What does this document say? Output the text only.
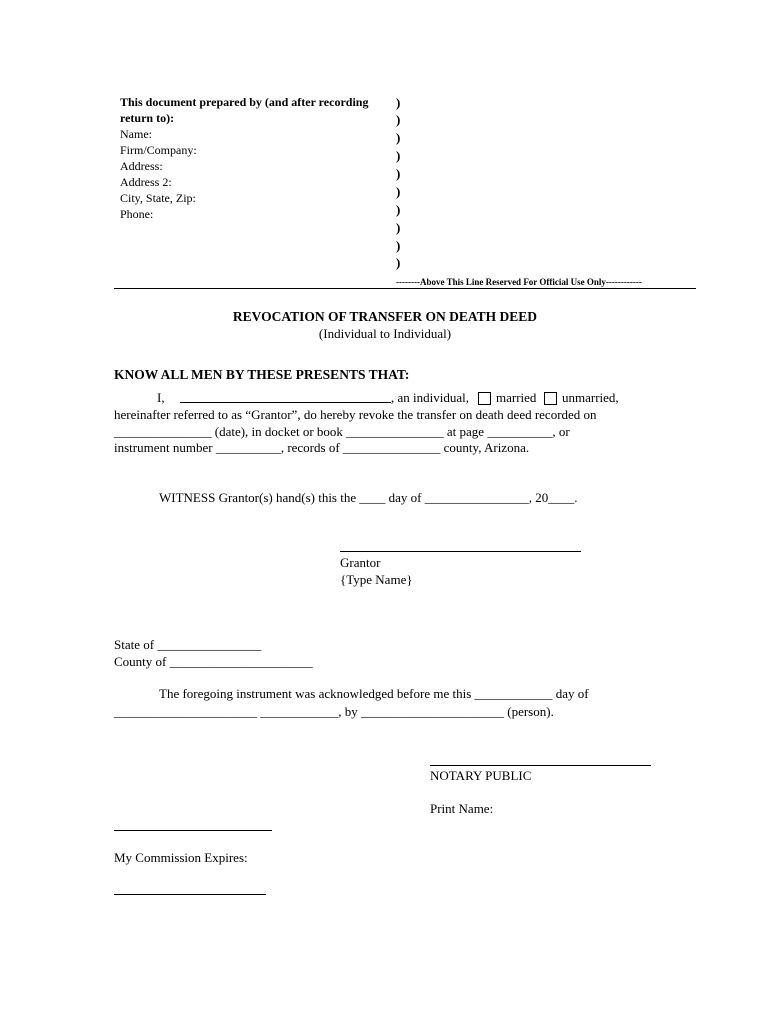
This document prepared by (and after recording
return to):
Name:
Firm/Company:
Address:
Address 2:
City, State, Zip:
Phone:
)
)
)
)
)
)
)
)
)
)
--------Above This Line Reserved For Official Use Only------------
REVOCATION OF TRANSFER ON DEATH DEED
(Individual to Individual)
KNOW ALL MEN BY THESE PRESENTS THAT:
I,	, an individual, married unmarried,
hereinafter referred to as “Grantor”, do hereby revoke the transfer on death deed recorded on
_______________ (date), in docket or book _______________ at page __________, or
instrument number __________, records of _______________ county, Arizona.
WITNESS Grantor(s) hand(s) this the ____ day of ________________, 20____.
Grantor
{Type Name}
State of ________________
County of ______________________
The foregoing instrument was acknowledged before me this ____________ day of
______________________ ____________, by ______________________ (person).
NOTARY PUBLIC
Print Name:
My Commission Expires:
